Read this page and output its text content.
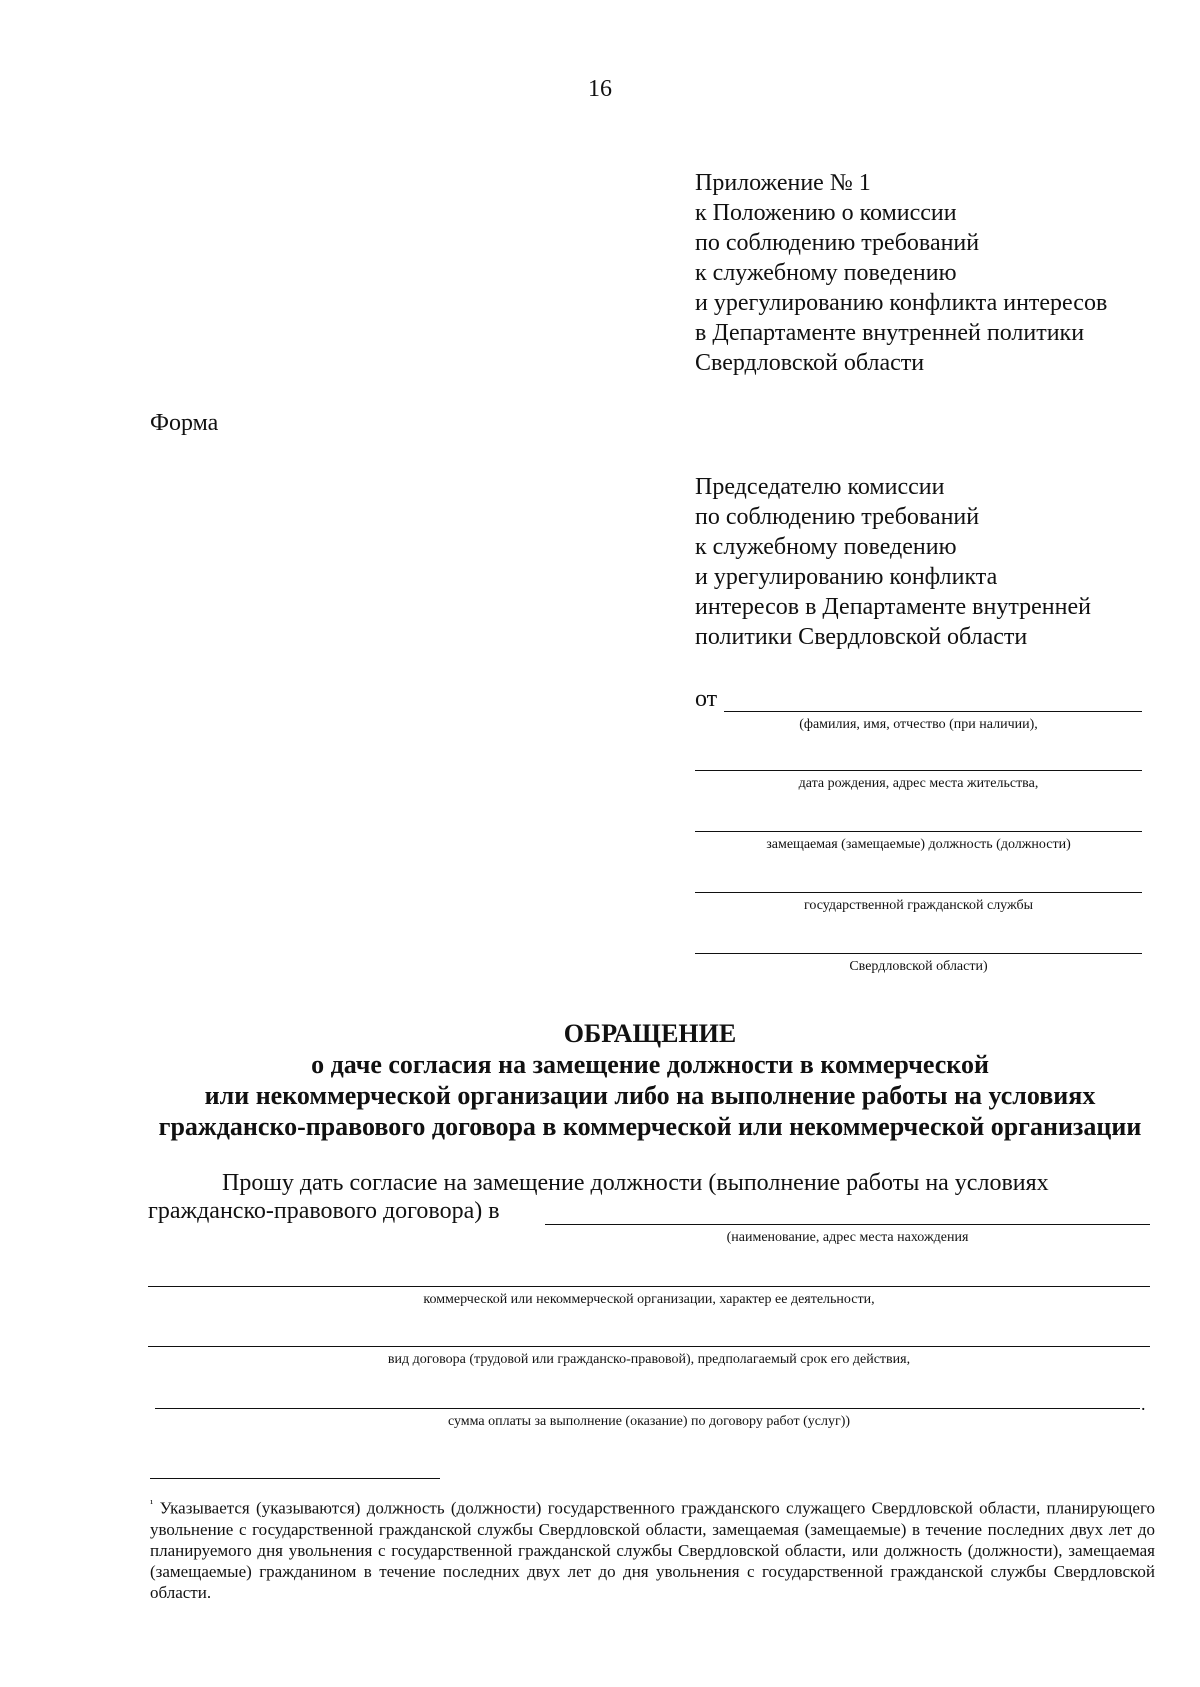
16
Приложение № 1
к Положению о комиссии
по соблюдению требований
к служебному поведению
и урегулированию конфликта интересов
в Департаменте внутренней политики
Свердловской области
Форма
Председателю комиссии
по соблюдению требований
к служебному поведению
и урегулированию конфликта
интересов в Департаменте внутренней
политики Свердловской области
от
(фамилия, имя, отчество (при наличии),
дата рождения, адрес места жительства,
замещаемая (замещаемые) должность (должности)
государственной гражданской службы
Свердловской области)
ОБРАЩЕНИЕ
о даче согласия на замещение должности в коммерческой
или некоммерческой организации либо на выполнение работы на условиях
гражданско-правового договора в коммерческой или некоммерческой организации
Прошу дать согласие на замещение должности (выполнение работы на условиях
гражданско-правового договора) в
(наименование, адрес места нахождения
коммерческой или некоммерческой организации, характер ее деятельности,
вид договора (трудовой или гражданско-правовой), предполагаемый срок его действия,
.
сумма оплаты за выполнение (оказание) по договору работ (услуг))
$^{^1}$ Указывается (указываются) должность (должности) государственного гражданского служащего Свердловской области, планирующего увольнение с государственной гражданской службы Свердловской области, замещаемая (замещаемые) в течение последних двух лет до планируемого дня увольнения с государственной гражданской службы Свердловской области, или должность (должности), замещаемая (замещаемые) гражданином в течение последних двух лет до дня увольнения с государственной гражданской службы Свердловской области.
